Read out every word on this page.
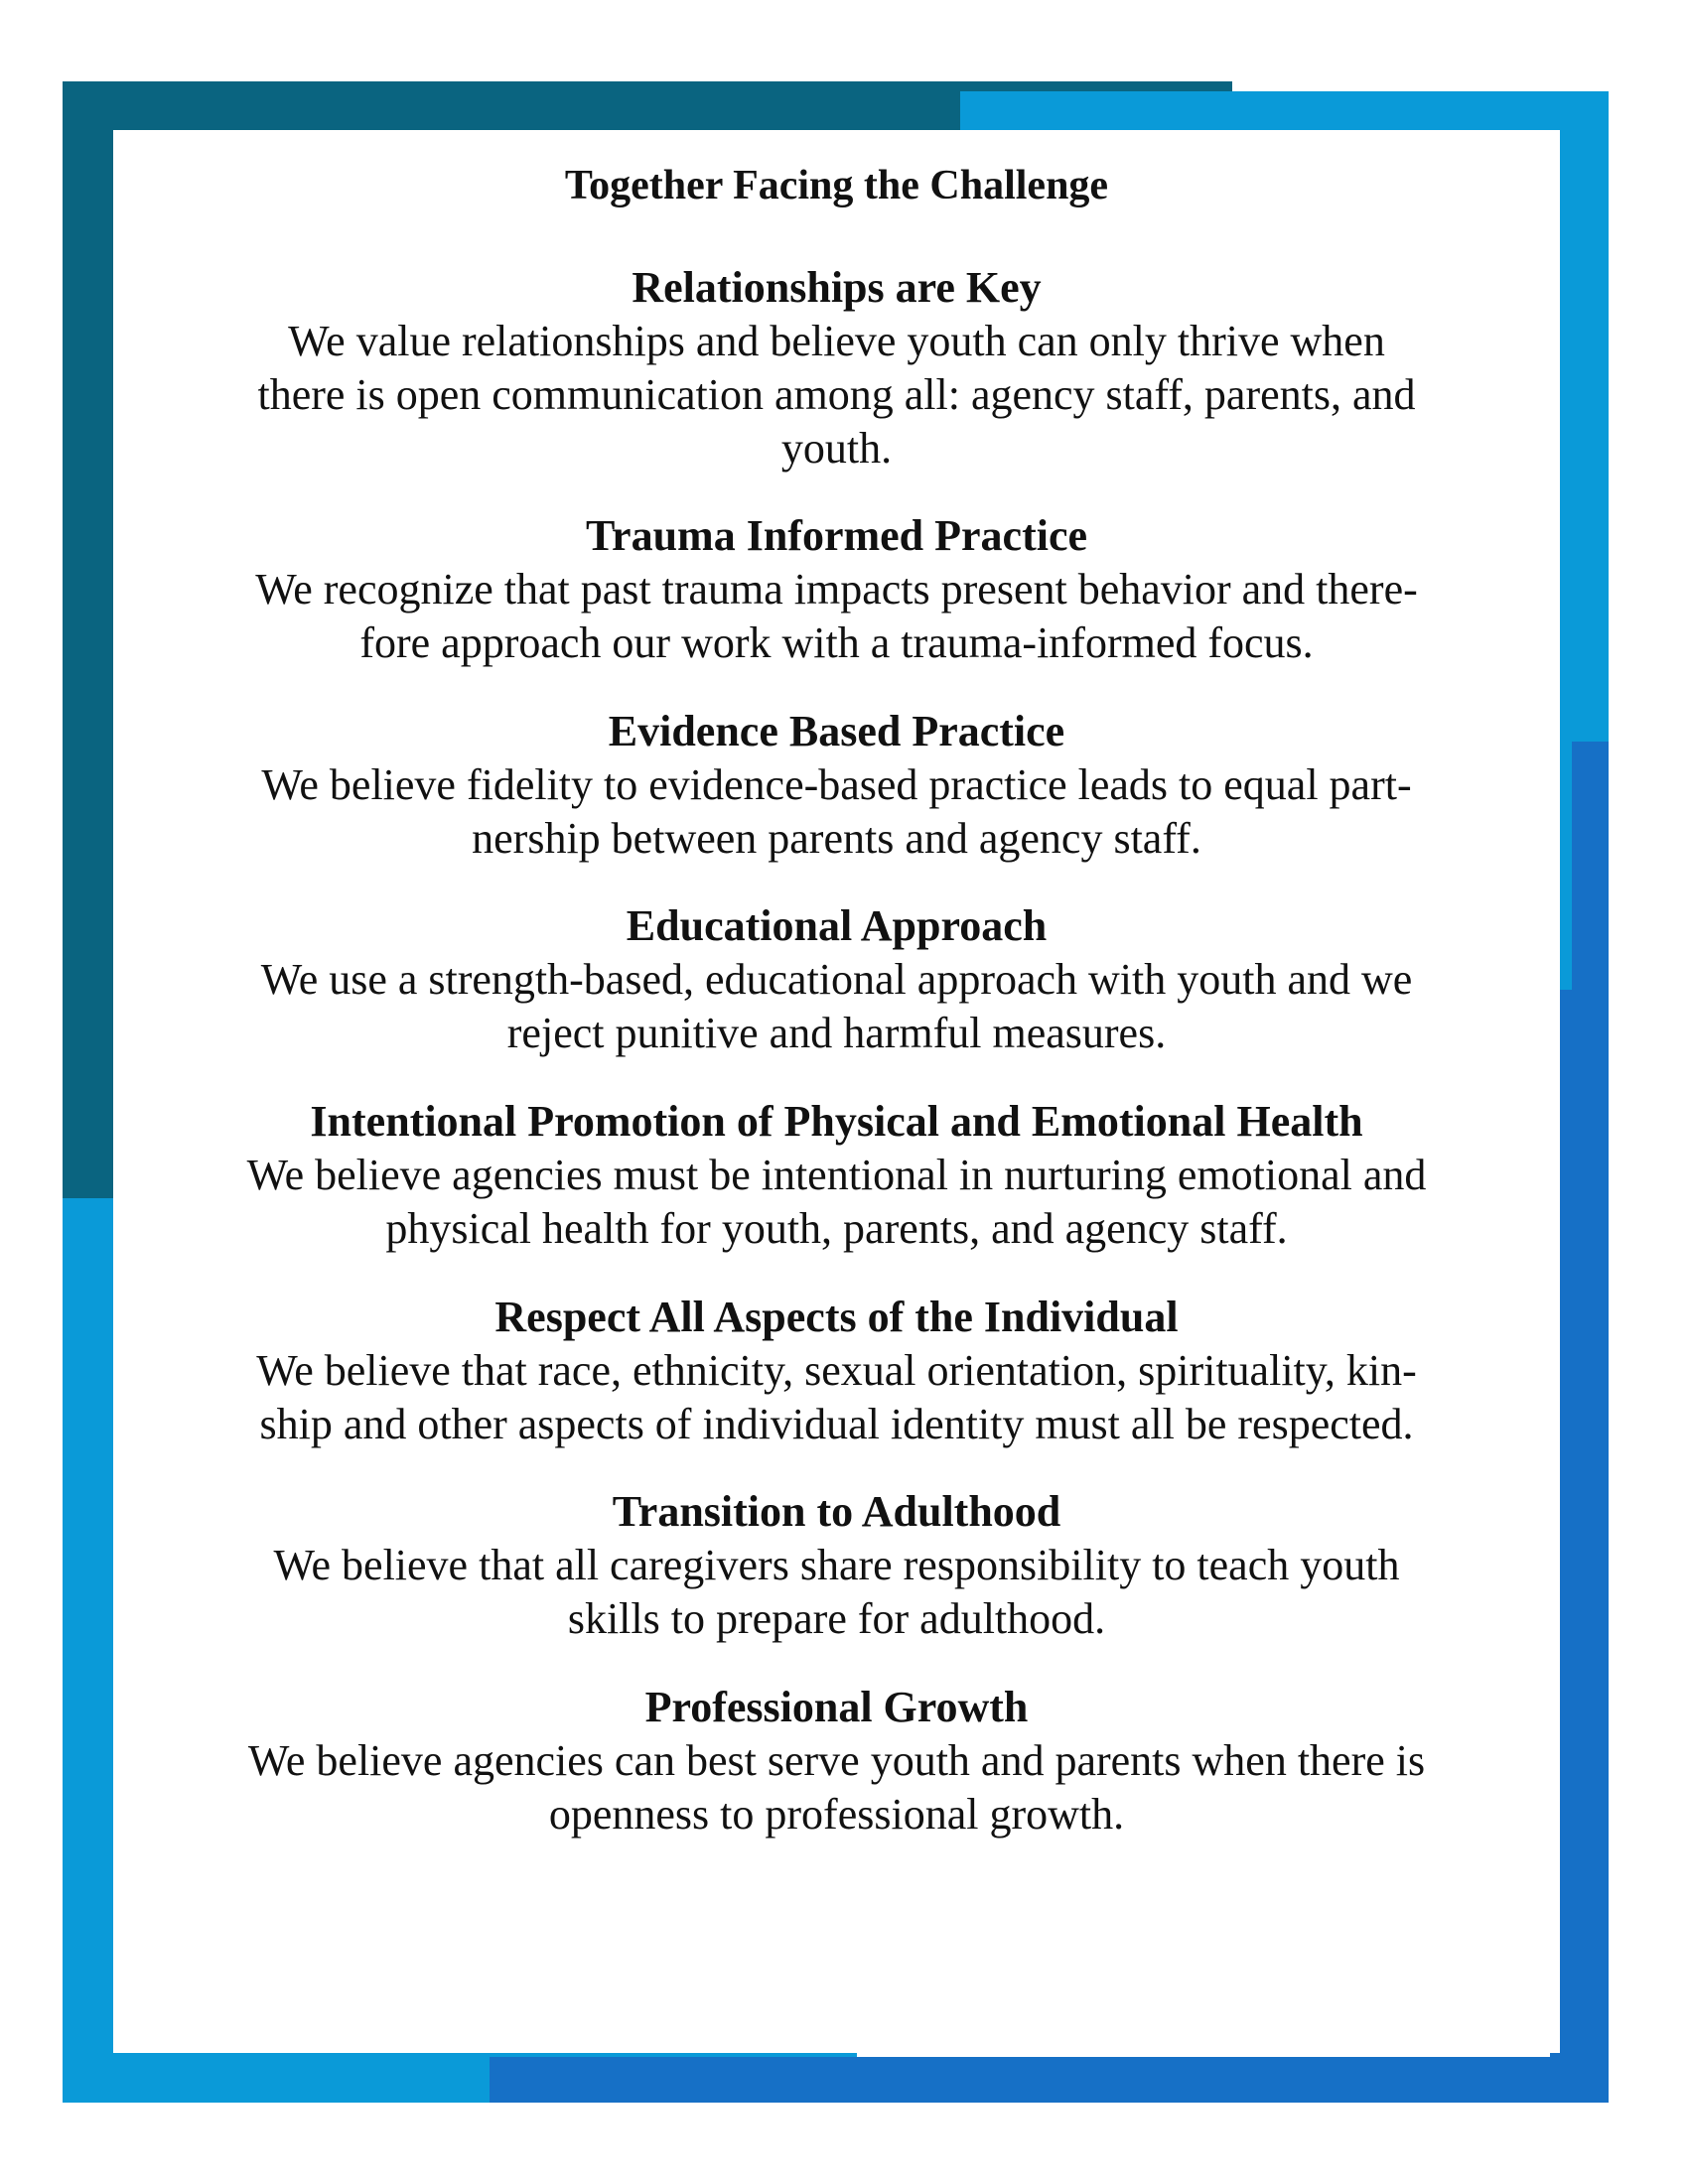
Together Facing the Challenge
Relationships are Key

We value relationships and believe youth can only thrive when

there is open communication among all: agency staff, parents, and

youth.

Trauma Informed Practice

We recognize that past trauma impacts present behavior and there-

fore approach our work with a trauma-informed focus.

Evidence Based Practice

We believe fidelity to evidence-based practice leads to equal part-

nership between parents and agency staff.

Educational Approach

We use a strength-based, educational approach with youth and we

reject punitive and harmful measures.

Intentional Promotion of Physical and Emotional Health

We believe agencies must be intentional in nurturing emotional and

physical health for youth, parents, and agency staff.

Respect All Aspects of the Individual

We believe that race, ethnicity, sexual orientation, spirituality, kin-

ship and other aspects of individual identity must all be respected.

Transition to Adulthood

We believe that all caregivers share responsibility to teach youth

skills to prepare for adulthood.

Professional Growth

We believe agencies can best serve youth and parents when there is

openness to professional growth.
